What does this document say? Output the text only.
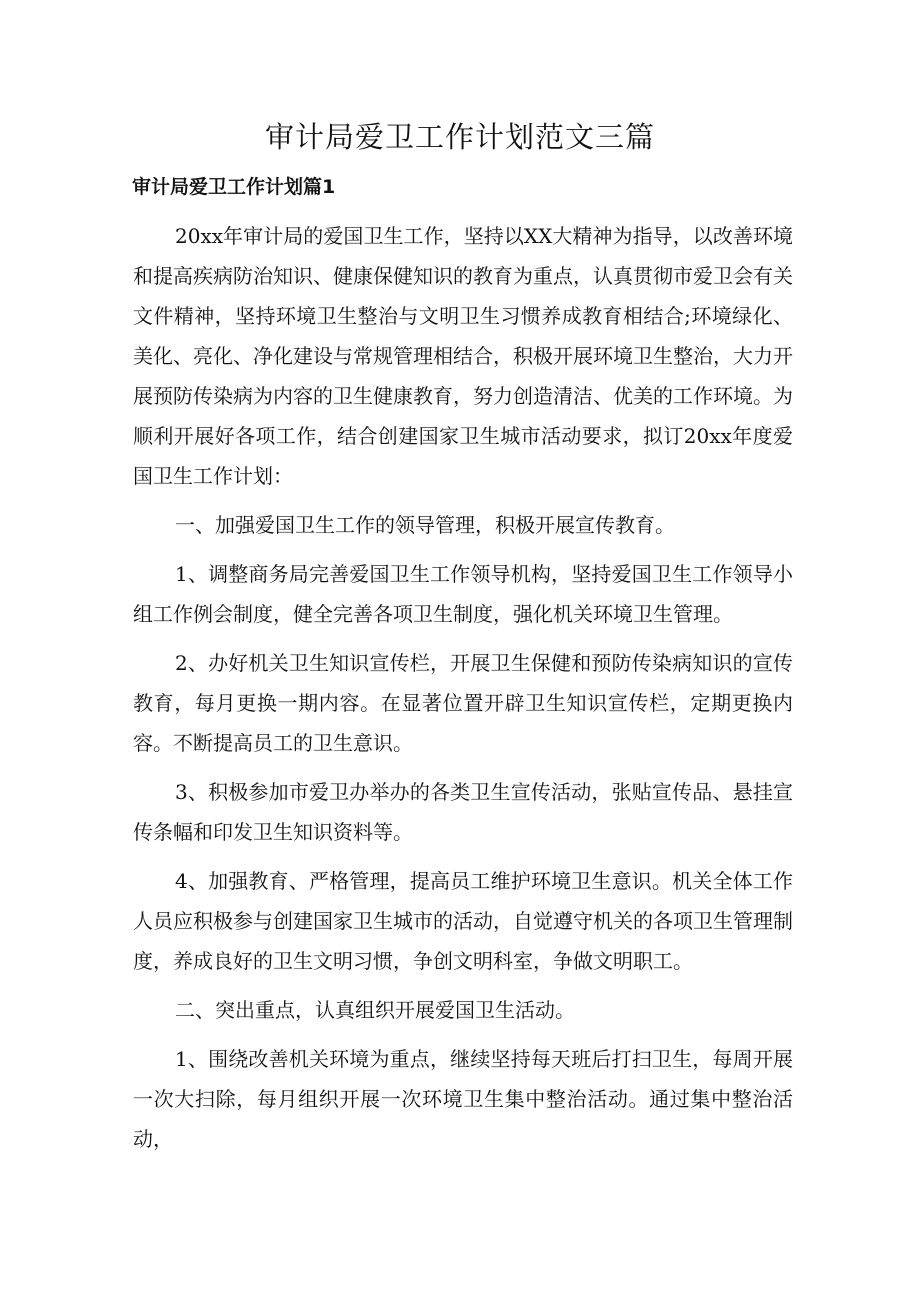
审计局爱卫工作计划范文三篇
审计局爱卫工作计划篇1

20xx年审计局的爱国卫生工作，坚持以XX大精神为指导，以改善环境和提高疾病防治知识、健康保健知识的教育为重点，认真贯彻市爱卫会有关文件精神，坚持环境卫生整治与文明卫生习惯养成教育相结合;环境绿化、美化、亮化、净化建设与常规管理相结合，积极开展环境卫生整治，大力开展预防传染病为内容的卫生健康教育，努力创造清洁、优美的工作环境。为顺利开展好各项工作，结合创建国家卫生城市活动要求，拟订20xx年度爱国卫生工作计划：

一、加强爱国卫生工作的领导管理，积极开展宣传教育。

1、调整商务局完善爱国卫生工作领导机构，坚持爱国卫生工作领导小组工作例会制度，健全完善各项卫生制度，强化机关环境卫生管理。

2、办好机关卫生知识宣传栏，开展卫生保健和预防传染病知识的宣传教育，每月更换一期内容。在显著位置开辟卫生知识宣传栏，定期更换内容。不断提高员工的卫生意识。

3、积极参加市爱卫办举办的各类卫生宣传活动，张贴宣传品、悬挂宣传条幅和印发卫生知识资料等。

4、加强教育、严格管理，提高员工维护环境卫生意识。机关全体工作人员应积极参与创建国家卫生城市的活动，自觉遵守机关的各项卫生管理制度，养成良好的卫生文明习惯，争创文明科室，争做文明职工。

二、突出重点，认真组织开展爱国卫生活动。

1、围绕改善机关环境为重点，继续坚持每天班后打扫卫生，每周开展一次大扫除，每月组织开展一次环境卫生集中整治活动。通过集中整治活动，
